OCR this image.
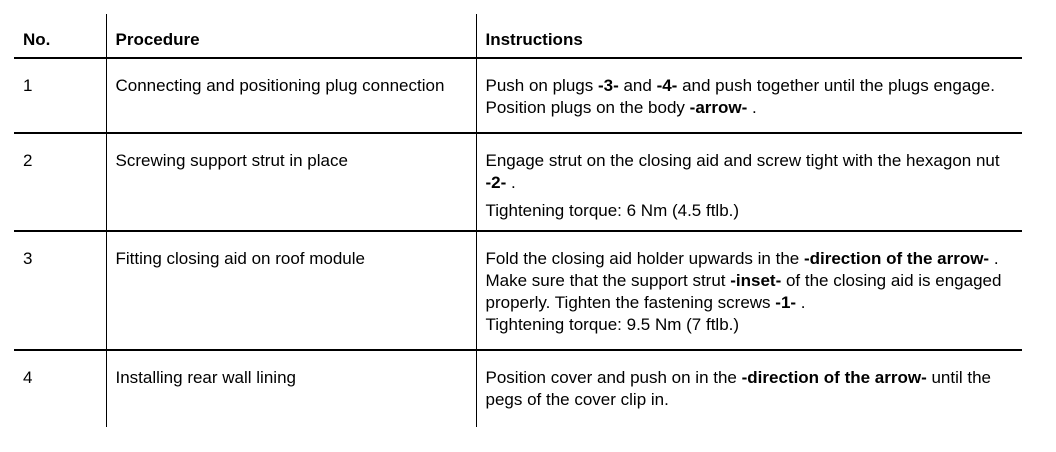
No.	Procedure	Instructions
1	Connecting and positioning plug connection	Push on plugs -3- and -4- and push together until the plugs engage.
Position plugs on the body -arrow- .

2	Screwing support strut in place	Engage strut on the closing aid and screw tight with the hexagon nut -2- .
Tightening torque: 6 Nm (4.5 ftlb.)

3	Fitting closing aid on roof module	Fold the closing aid holder upwards in the -direction of the arrow- . Make sure that the support strut -inset- of the closing aid is engaged properly. Tighten the fastening screws -1- .
Tightening torque: 9.5 Nm (7 ftlb.)

4	Installing rear wall lining	Position cover and push on in the -direction of the arrow- until the pegs of the cover clip in.
